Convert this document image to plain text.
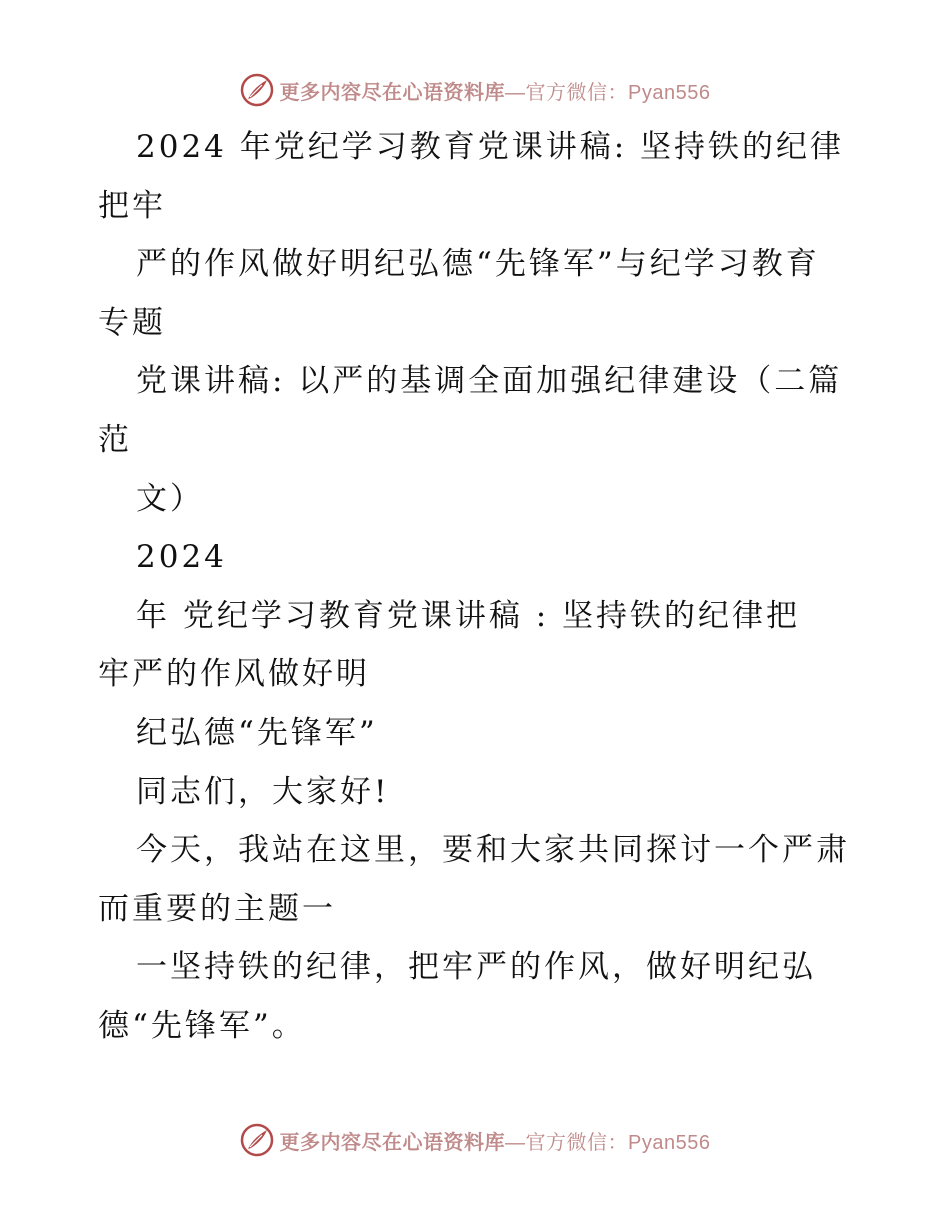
更多内容尽在心语资料库—官方微信：Pyan556
2024 年党纪学习教育党课讲稿: 坚持铁的纪律
把牢
严的作风做好明纪弘德“先锋军”与纪学习教育
专题
党课讲稿: 以严的基调全面加强纪律建设（二篇
范
文）
2024
年 党纪学习教育党课讲稿 : 坚持铁的纪律把
牢严的作风做好明
纪弘德“先锋军”
同志们，大家好!
今天，我站在这里，要和大家共同探讨一个严肃
而重要的主题一
一坚持铁的纪律，把牢严的作风，做好明纪弘
德“先锋军”。
更多内容尽在心语资料库—官方微信：Pyan556
